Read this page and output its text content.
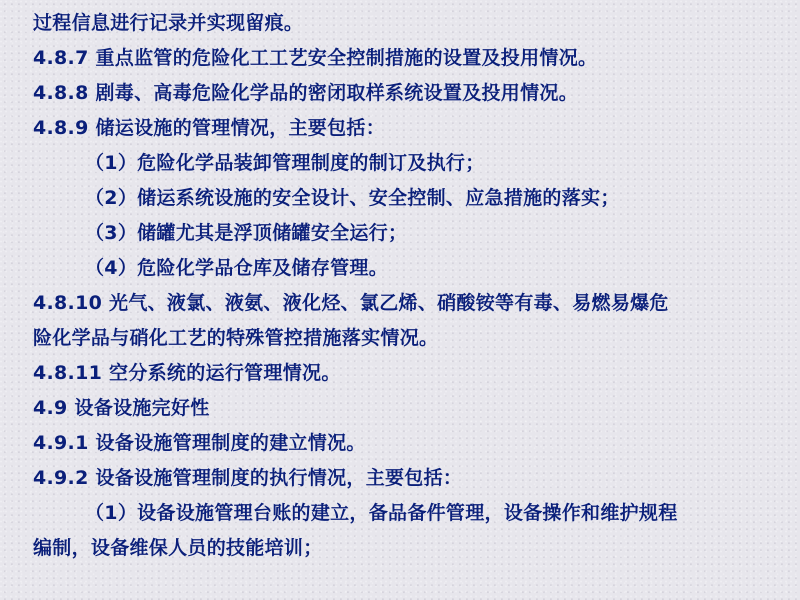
过程信息进行记录并实现留痕。
4.8.7 重点监管的危险化工工艺安全控制措施的设置及投用情况。
4.8.8 剧毒、高毒危险化学品的密闭取样系统设置及投用情况。
4.8.9 储运设施的管理情况，主要包括：
（1）危险化学品装卸管理制度的制订及执行；
（2）储运系统设施的安全设计、安全控制、应急措施的落实；
（3）储罐尤其是浮顶储罐安全运行；
（4）危险化学品仓库及储存管理。
4.8.10 光气、液氯、液氨、液化烃、氯乙烯、硝酸铵等有毒、易燃易爆危
险化学品与硝化工艺的特殊管控措施落实情况。
4.8.11 空分系统的运行管理情况。
4.9 设备设施完好性
4.9.1 设备设施管理制度的建立情况。
4.9.2 设备设施管理制度的执行情况，主要包括：
（1）设备设施管理台账的建立，备品备件管理，设备操作和维护规程
编制，设备维保人员的技能培训；
